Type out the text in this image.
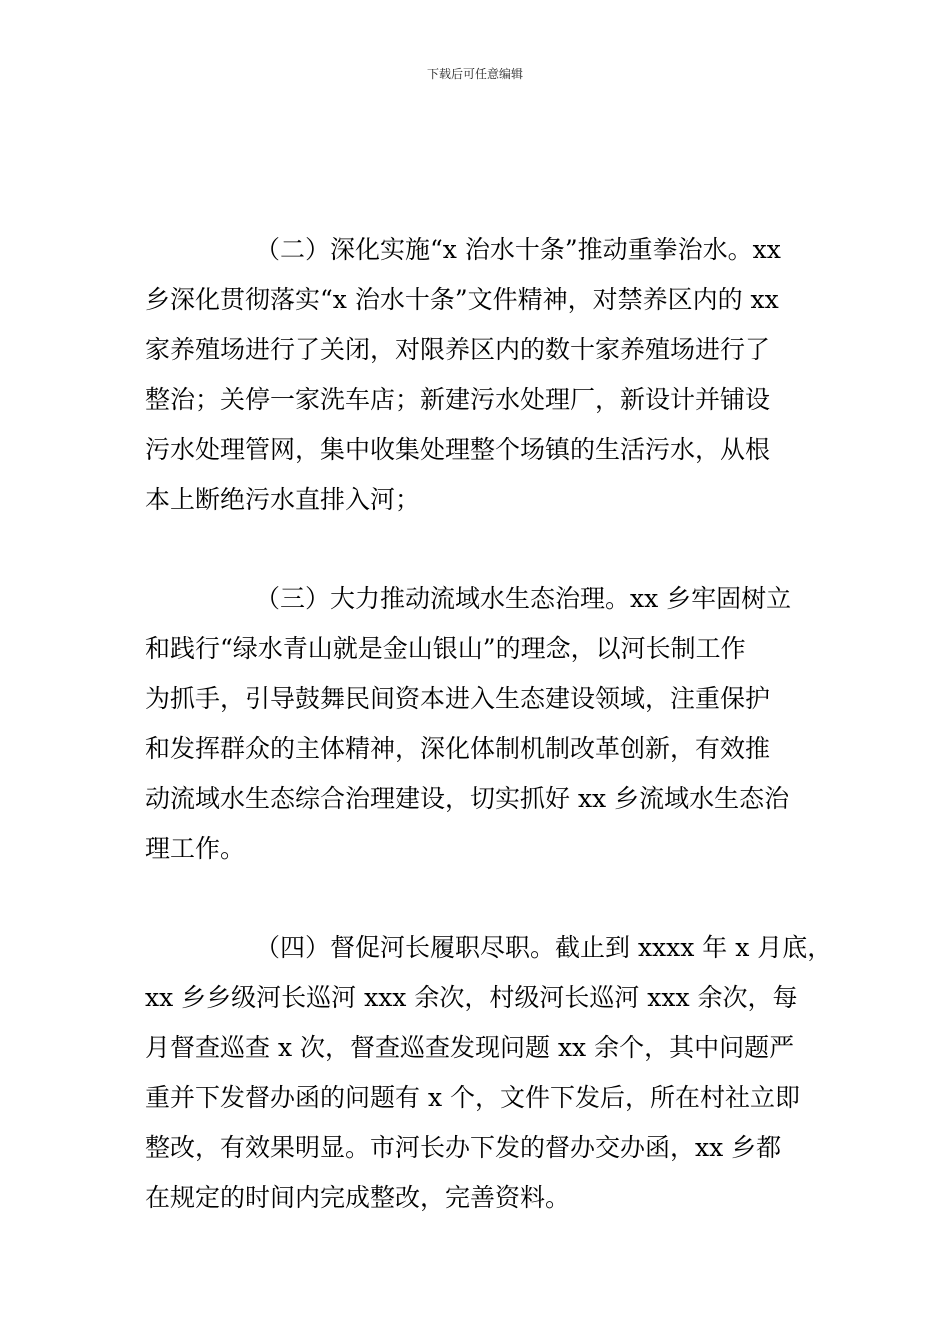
下载后可任意编辑
（二）深化实施“x 治水十条”推动重拳治水。xx
乡深化贯彻落实“x 治水十条”文件精神，对禁养区内的 xx
家养殖场进行了关闭，对限养区内的数十家养殖场进行了
整治；关停一家洗车店；新建污水处理厂，新设计并铺设
污水处理管网，集中收集处理整个场镇的生活污水，从根
本上断绝污水直排入河；
（三）大力推动流域水生态治理。xx 乡牢固树立
和践行“绿水青山就是金山银山”的理念，以河长制工作
为抓手，引导鼓舞民间资本进入生态建设领域，注重保护
和发挥群众的主体精神，深化体制机制改革创新，有效推
动流域水生态综合治理建设，切实抓好 xx 乡流域水生态治
理工作。
（四）督促河长履职尽职。截止到 xxxx 年 x 月底，
xx 乡乡级河长巡河 xxx 余次，村级河长巡河 xxx 余次，每
月督查巡查 x 次，督查巡查发现问题 xx 余个，其中问题严
重并下发督办函的问题有 x 个，文件下发后，所在村社立即
整改，有效果明显。市河长办下发的督办交办函，xx 乡都
在规定的时间内完成整改，完善资料。
